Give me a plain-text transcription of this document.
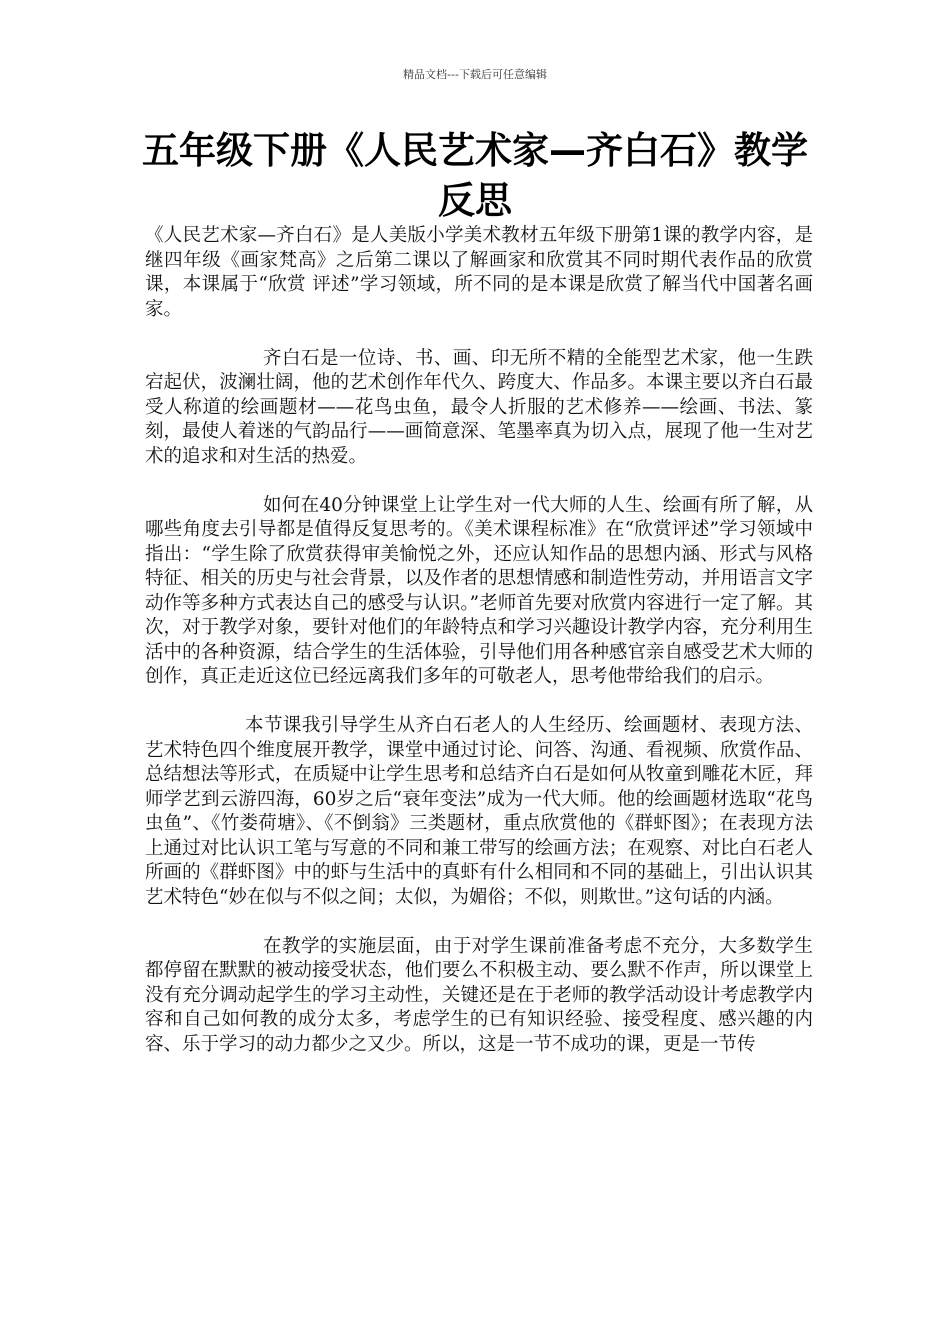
精品文档---下载后可任意编辑
五年级下册《人民艺术家—齐白石》教学反思

《人民艺术家—齐白石》是人美版小学美术教材五年级下册第1课的教学内容，是继四年级《画家梵高》之后第二课以了解画家和欣赏其不同时期代表作品的欣赏课，本课属于“欣赏 评述”学习领域，所不同的是本课是欣赏了解当代中国著名画家。

齐白石是一位诗、书、画、印无所不精的全能型艺术家，他一生跌宕起伏，波澜壮阔，他的艺术创作年代久、跨度大、作品多。本课主要以齐白石最受人称道的绘画题材——花鸟虫鱼，最令人折服的艺术修养——绘画、书法、篆刻，最使人着迷的气韵品行——画简意深、笔墨率真为切入点，展现了他一生对艺术的追求和对生活的热爱。

如何在40分钟课堂上让学生对一代大师的人生、绘画有所了解，从哪些角度去引导都是值得反复思考的。《美术课程标准》在“欣赏评述”学习领域中指出：“学生除了欣赏获得审美愉悦之外，还应认知作品的思想内涵、形式与风格特征、相关的历史与社会背景，以及作者的思想情感和制造性劳动，并用语言文字动作等多种方式表达自己的感受与认识。”老师首先要对欣赏内容进行一定了解。其次，对于教学对象，要针对他们的年龄特点和学习兴趣设计教学内容，充分利用生活中的各种资源，结合学生的生活体验，引导他们用各种感官亲自感受艺术大师的创作，真正走近这位已经远离我们多年的可敬老人，思考他带给我们的启示。

本节课我引导学生从齐白石老人的人生经历、绘画题材、表现方法、艺术特色四个维度展开教学，课堂中通过讨论、问答、沟通、看视频、欣赏作品、总结想法等形式，在质疑中让学生思考和总结齐白石是如何从牧童到雕花木匠，拜师学艺到云游四海，60岁之后“衰年变法”成为一代大师。他的绘画题材选取“花鸟虫鱼”、《竹娄荷塘》、《不倒翁》三类题材，重点欣赏他的《群虾图》；在表现方法上通过对比认识工笔与写意的不同和兼工带写的绘画方法；在观察、对比白石老人所画的《群虾图》中的虾与生活中的真虾有什么相同和不同的基础上，引出认识其艺术特色“妙在似与不似之间；太似，为媚俗；不似，则欺世。”这句话的内涵。

在教学的实施层面，由于对学生课前准备考虑不充分，大多数学生都停留在默默的被动接受状态，他们要么不积极主动、要么默不作声，所以课堂上没有充分调动起学生的学习主动性，关键还是在于老师的教学活动设计考虑教学内容和自己如何教的成分太多，考虑学生的已有知识经验、接受程度、感兴趣的内容、乐于学习的动力都少之又少。所以，这是一节不成功的课，更是一节传
